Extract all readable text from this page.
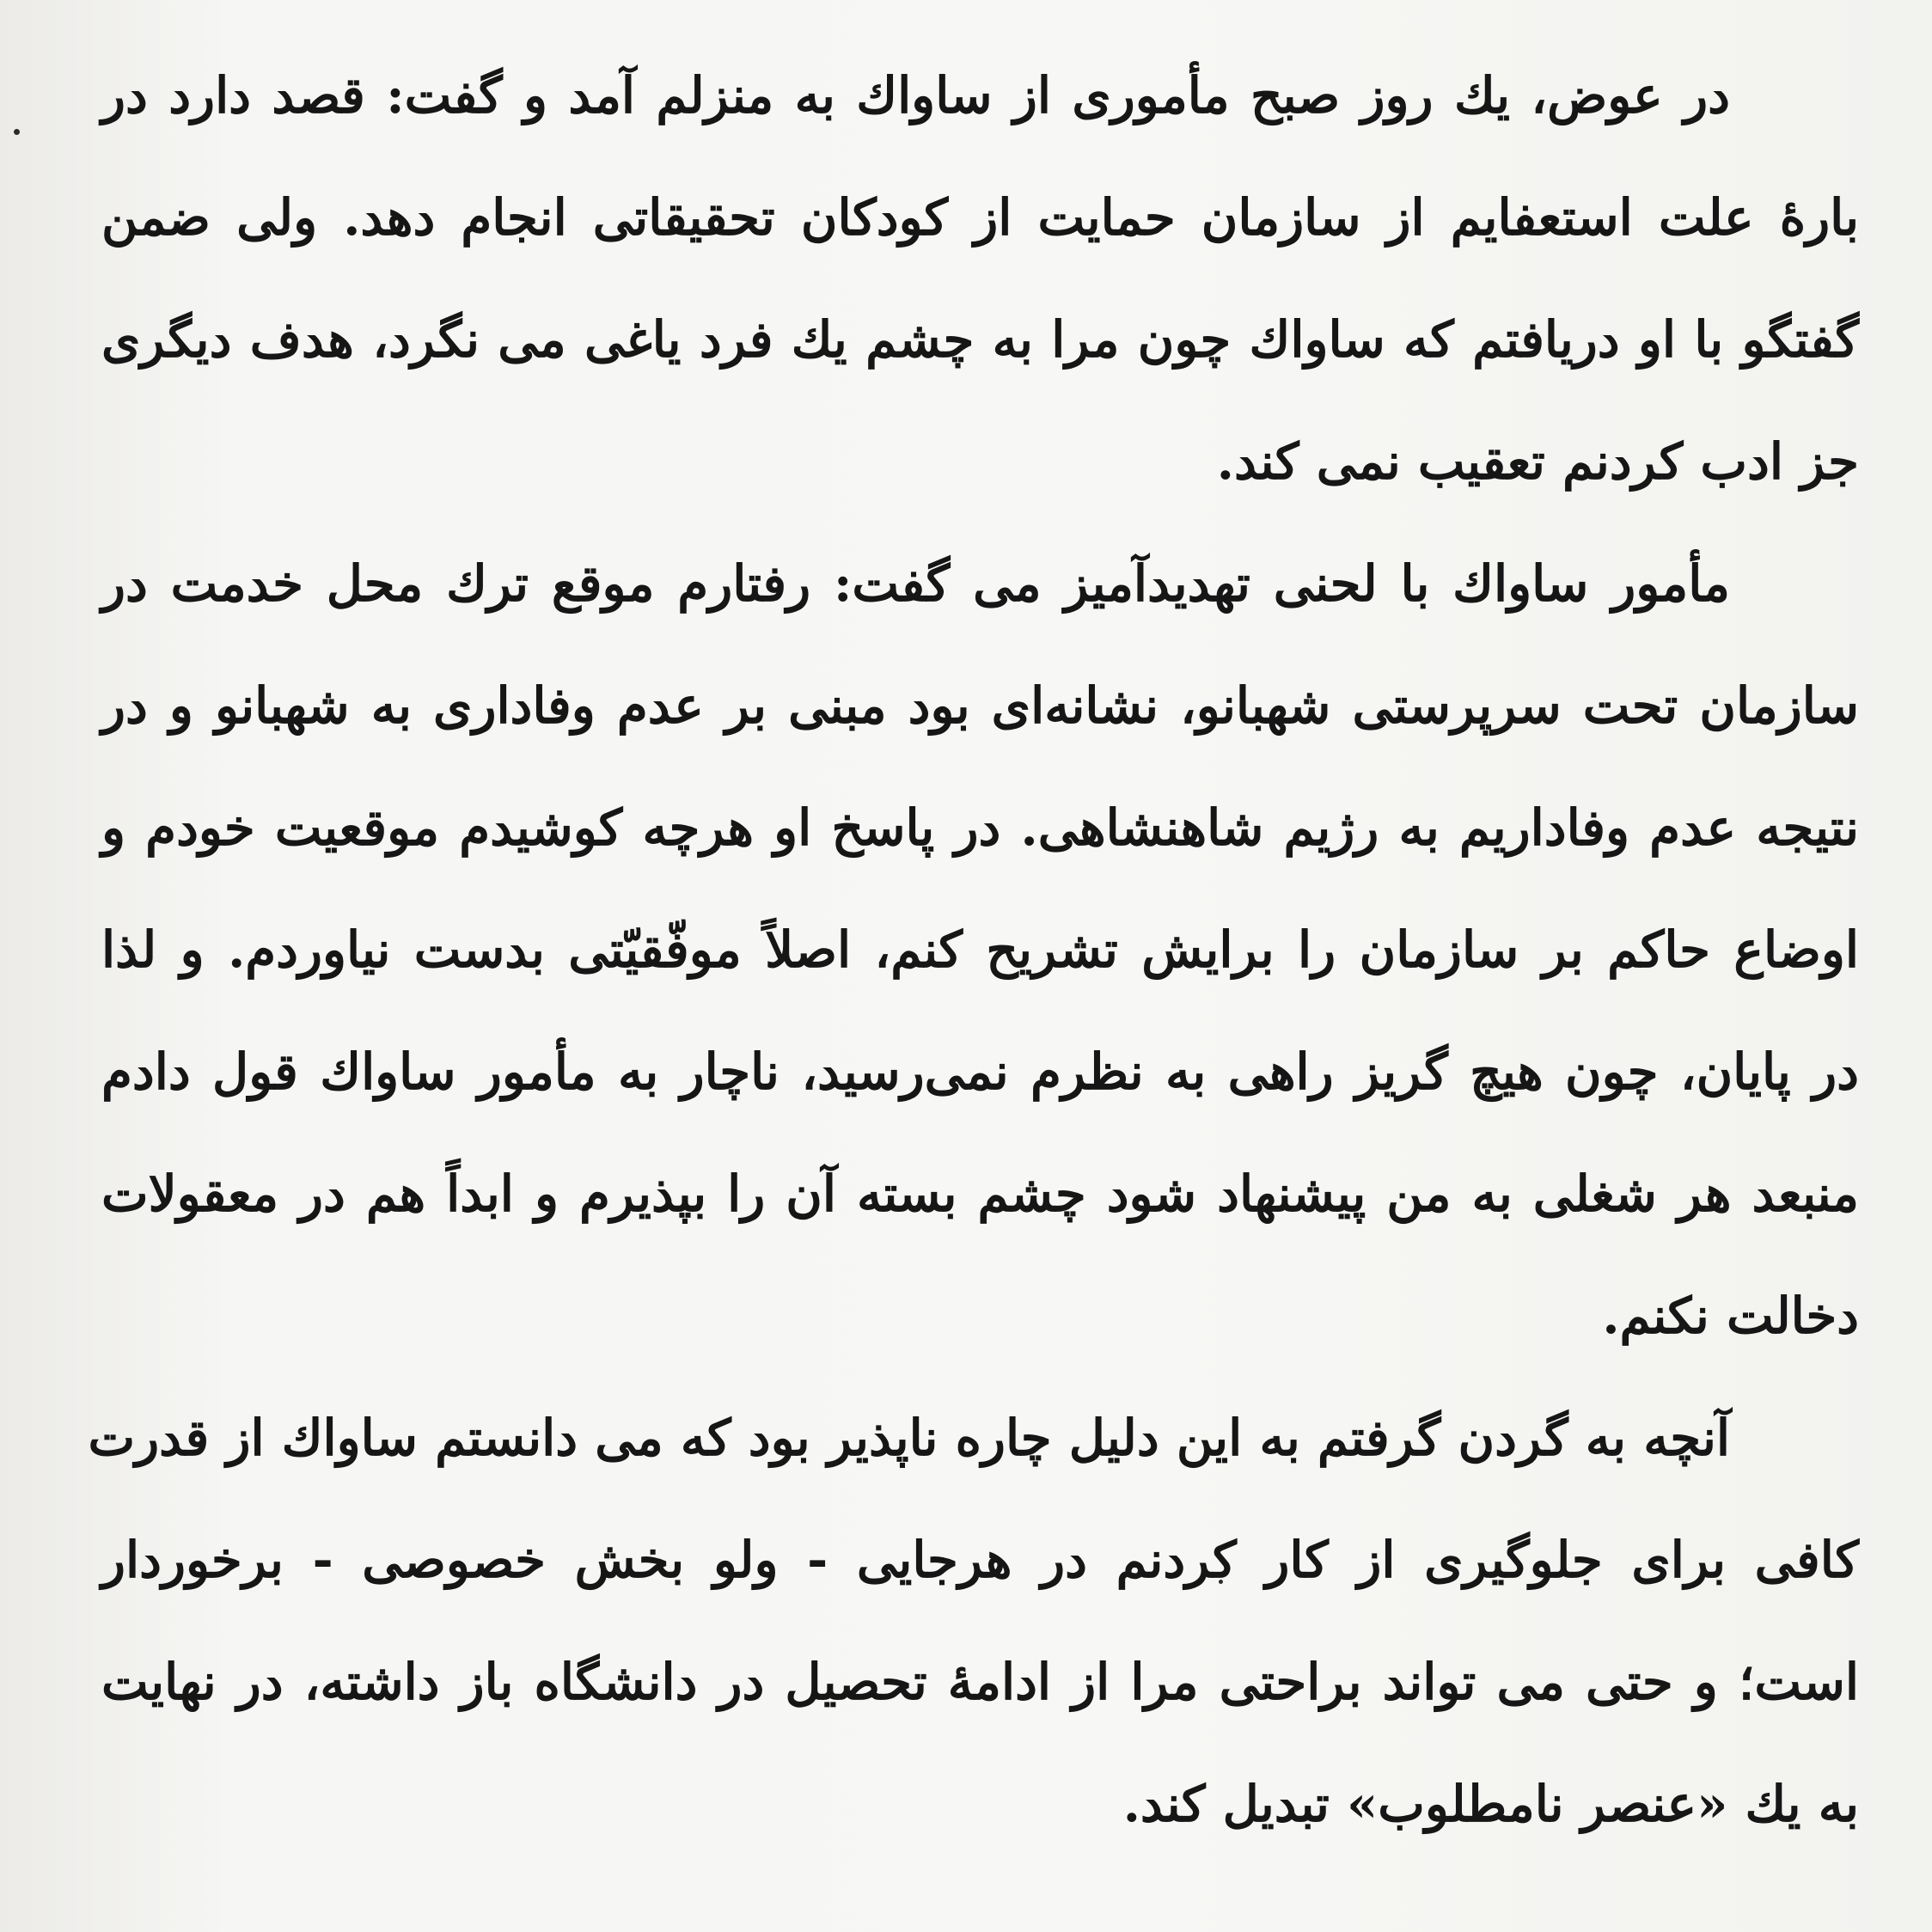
در عوض، یك روز صبح مأموری از ساواك به منزلم آمد و گفت: قصد دارد در
بارهٔ علت استعفایم از سازمان حمایت از کودکان تحقیقاتی انجام دهد. ولی ضمن
گفتگو با او دریافتم که ساواك چون مرا به چشم یك فرد یاغی می نگرد، هدف دیگری
جز ادب کردنم تعقیب نمی کند.
مأمور ساواك با لحنی تهدیدآمیز می گفت: رفتارم موقع ترك محل خدمت در
سازمان تحت سرپرستی شهبانو، نشانه‌ای بود مبنی بر عدم وفاداری به شهبانو و در
نتیجه عدم وفاداریم به رژیم شاهنشاهی. در پاسخ او هرچه کوشیدم موقعیت خودم و
اوضاع حاکم بر سازمان را برایش تشریح کنم، اصلاً موفّقیّتی بدست نیاوردم. و لذا
در پایان، چون هیچ گریز راهی به نظرم نمی‌رسید، ناچار به مأمور ساواك قول دادم
منبعد هر شغلی به من پیشنهاد شود چشم بسته آن را بپذیرم و ابداً هم در معقولات
دخالت نکنم.
آنچه به گردن گرفتم به این دلیل چاره ناپذیر بود که می دانستم ساواك از قدرت
کافی برای جلوگیری از کار کردنم در هرجایی - ولو بخش خصوصی - برخوردار
است؛ و حتی می تواند براحتی مرا از ادامهٔ تحصیل در دانشگاه باز داشته، در نهایت
به یك «عنصر نامطلوب» تبدیل کند.
